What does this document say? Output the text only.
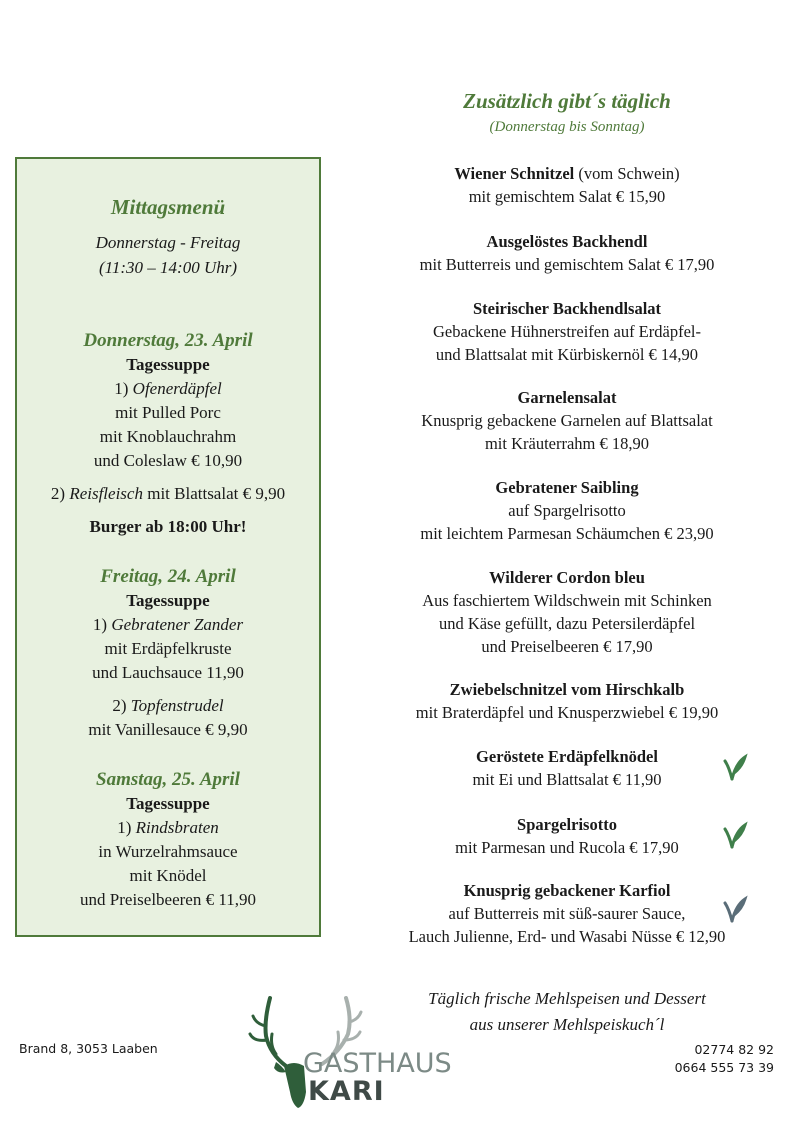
Mittagsmenü
Donnerstag - Freitag
(11:30 – 14:00 Uhr)
Donnerstag, 23. April
Tagessuppe
1) Ofenerdäpfel
mit Pulled Porc
mit Knoblauchrahm
und Coleslaw € 10,90
2) Reisfleisch mit Blattsalat € 9,90
Burger ab 18:00 Uhr!
Freitag, 24. April
Tagessuppe
1) Gebratener Zander
mit Erdäpfelkruste
und Lauchsauce 11,90
2) Topfenstrudel
mit Vanillesauce € 9,90
Samstag, 25. April
Tagessuppe
1) Rindsbraten
in Wurzelrahmsauce
mit Knödel
und Preiselbeeren € 11,90
Zusätzlich gibt´s täglich
(Donnerstag bis Sonntag)
Wiener Schnitzel (vom Schwein)
mit gemischtem Salat € 15,90
Ausgelöstes Backhendl
mit Butterreis und gemischtem Salat € 17,90
Steirischer Backhendlsalat
Gebackene Hühnerstreifen auf Erdäpfel-
und Blattsalat mit Kürbiskernöl € 14,90
Garnelensalat
Knusprig gebackene Garnelen auf Blattsalat
mit Kräuterrahm € 18,90
Gebratener Saibling
auf Spargelrisotto
mit leichtem Parmesan Schäumchen € 23,90
Wilderer Cordon bleu
Aus faschiertem Wildschwein mit Schinken
und Käse gefüllt, dazu Petersilerdäpfel
und Preiselbeeren € 17,90
Zwiebelschnitzel vom Hirschkalb
mit Braterdäpfel und Knusperzwiebel € 19,90
Geröstete Erdäpfelknödel
mit Ei und Blattsalat € 11,90
Spargelrisotto
mit Parmesan und Rucola € 17,90
Knusprig gebackener Karfiol
auf Butterreis mit süß-saurer Sauce,
Lauch Julienne, Erd- und Wasabi Nüsse € 12,90
Täglich frische Mehlspeisen und Dessert
aus unserer Mehlspeiskuch´l
Brand 8, 3053 Laaben	02774 82 92
0664 555 73 39
GASTHAUS
KARI
